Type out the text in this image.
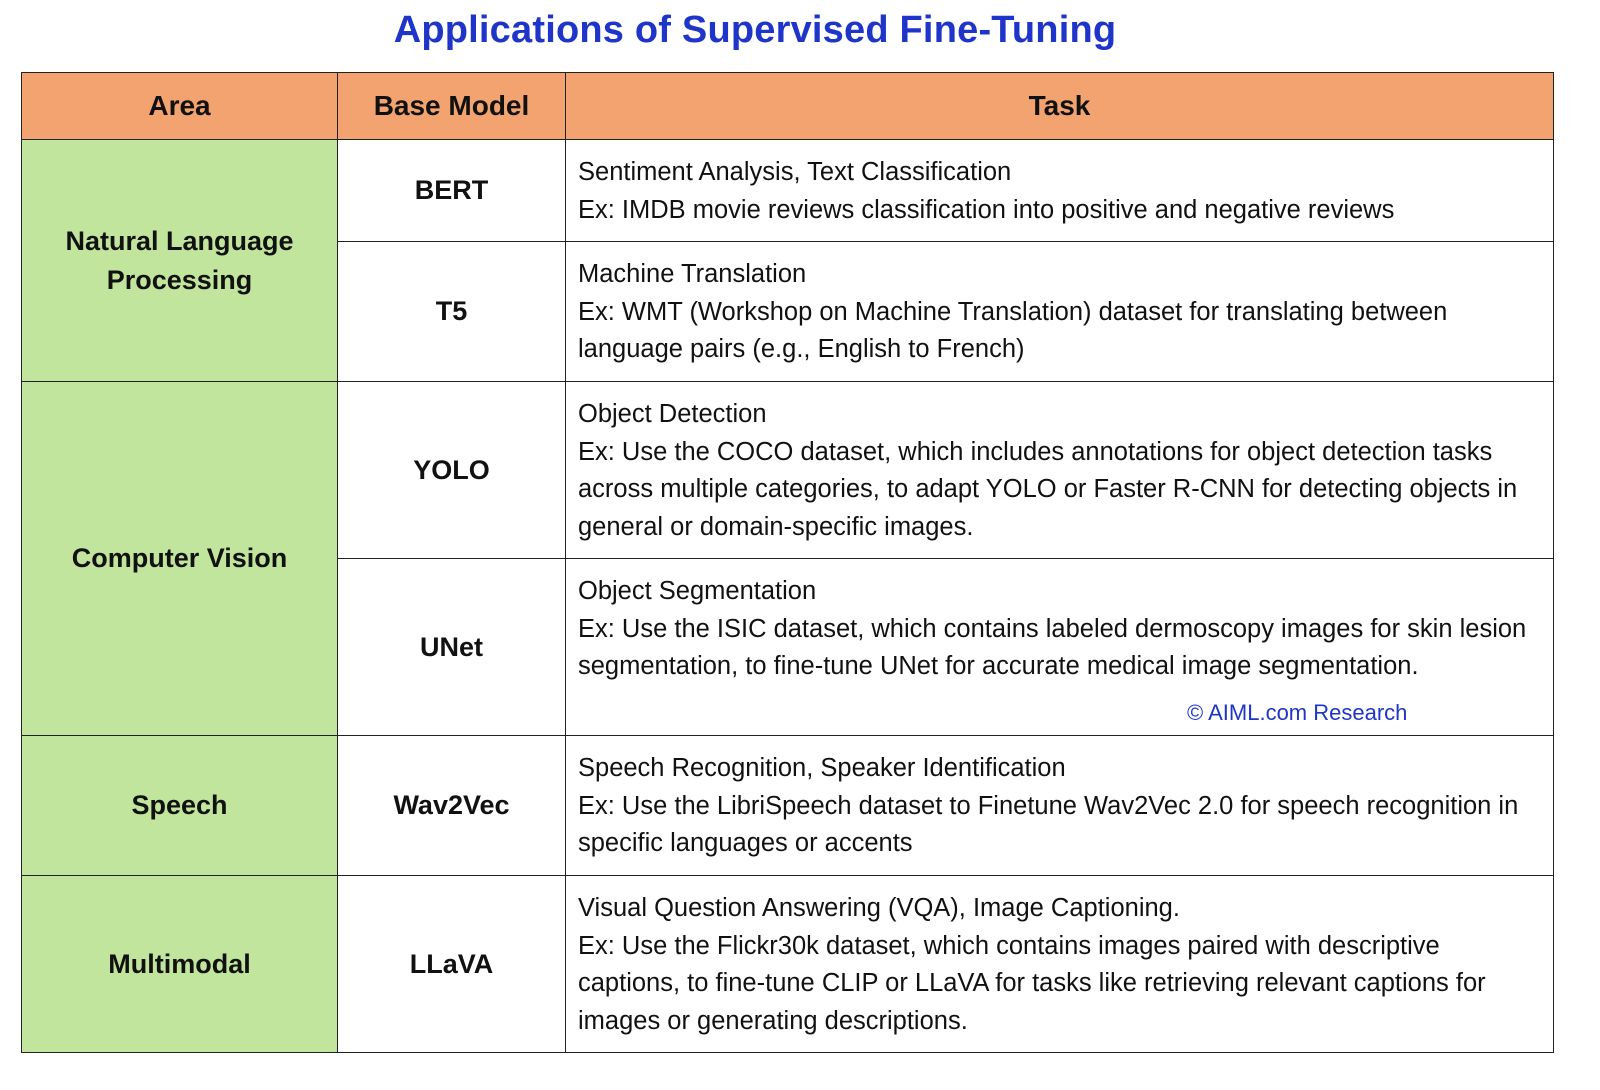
Applications of Supervised Fine-Tuning
Area	Base Model	Task
Natural Language Processing	BERT	Sentiment Analysis, Text Classification
Ex: IMDB movie reviews classification into positive and negative reviews

	T5	Machine Translation
Ex: WMT (Workshop on Machine Translation) dataset for translating between language pairs (e.g., English to French)

Computer Vision	YOLO	Object Detection
Ex: Use the COCO dataset, which includes annotations for object detection tasks across multiple categories, to adapt YOLO or Faster R-CNN for detecting objects in general or domain-specific images.

	UNet	Object Segmentation
Ex: Use the ISIC dataset, which contains labeled dermoscopy images for skin lesion segmentation, to fine-tune UNet for accurate medical image segmentation.

Speech	Wav2Vec	Speech Recognition, Speaker Identification
Ex: Use the LibriSpeech dataset to Finetune Wav2Vec 2.0 for speech recognition in specific languages or accents

Multimodal	LLaVA	Visual Question Answering (VQA), Image Captioning.
Ex: Use the Flickr30k dataset, which contains images paired with descriptive captions, to fine-tune CLIP or LLaVA for tasks like retrieving relevant captions for images or generating descriptions.
© AIML.com Research
